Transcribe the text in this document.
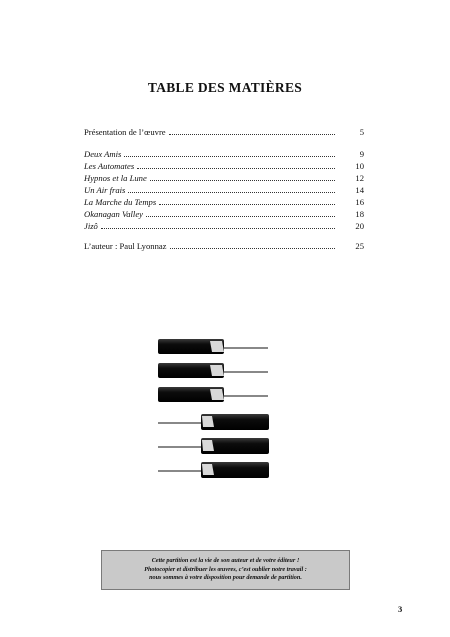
TABLE DES MATIÈRES
Présentation de l’œuvre	5
Deux Amis	9
Les Automates	10
Hypnos et la Lune	12
Un Air frais	14
La Marche du Temps	16
Okanagan Valley	18
Jizô	20
L’auteur : Paul Lyonnaz	25
Cette partition est la vie de son auteur et de votre éditeur !
Photocopier et distribuer les œuvres, c’est oublier notre travail :
nous sommes à votre disposition pour demande de partition.
3
